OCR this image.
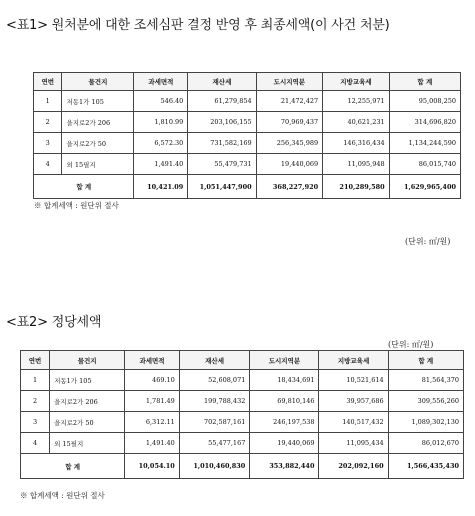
<표1> 원처분에 대한 조세심판 결정 반영 후 최종세액(이 사건 처분)
연번	물건지	과세면적	재산세	도시지역분	지방교육세	합 계
1	저동1가 105	546.40	61,279,854	21,472,427	12,255,971	95,008,250
2	을지로2가 206	1,810.99	203,106,155	70,969,437	40,621,231	314,696,820
3	을지로2가 50	6,572.30	731,582,169	256,345,989	146,316,434	1,134,244,590
4	외 15필지	1,491.40	55,479,731	19,440,069	11,095,948	86,015,740
합 계		10,421.09	1,051,447,900	368,227,920	210,289,580	1,629,965,400
※ 합계세액 : 원단위 절사
(단위: ㎡/원)
<표2> 정당세액
(단위: ㎡/원)
연번	물건지	과세면적	재산세	도시지역분	지방교육세	합 계
1	저동1가 105	469.10	52,608,071	18,434,691	10,521,614	81,564,370
2	을지로2가 206	1,781.49	199,788,432	69,810,146	39,957,686	309,556,260
3	을지로2가 50	6,312.11	702,587,161	246,197,538	140,517,432	1,089,302,130
4	외 15필지	1,491.40	55,477,167	19,440,069	11,095,434	86,012,670
합 계		10,054.10	1,010,460,830	353,882,440	202,092,160	1,566,435,430
※ 합계세액 : 원단위 절사
